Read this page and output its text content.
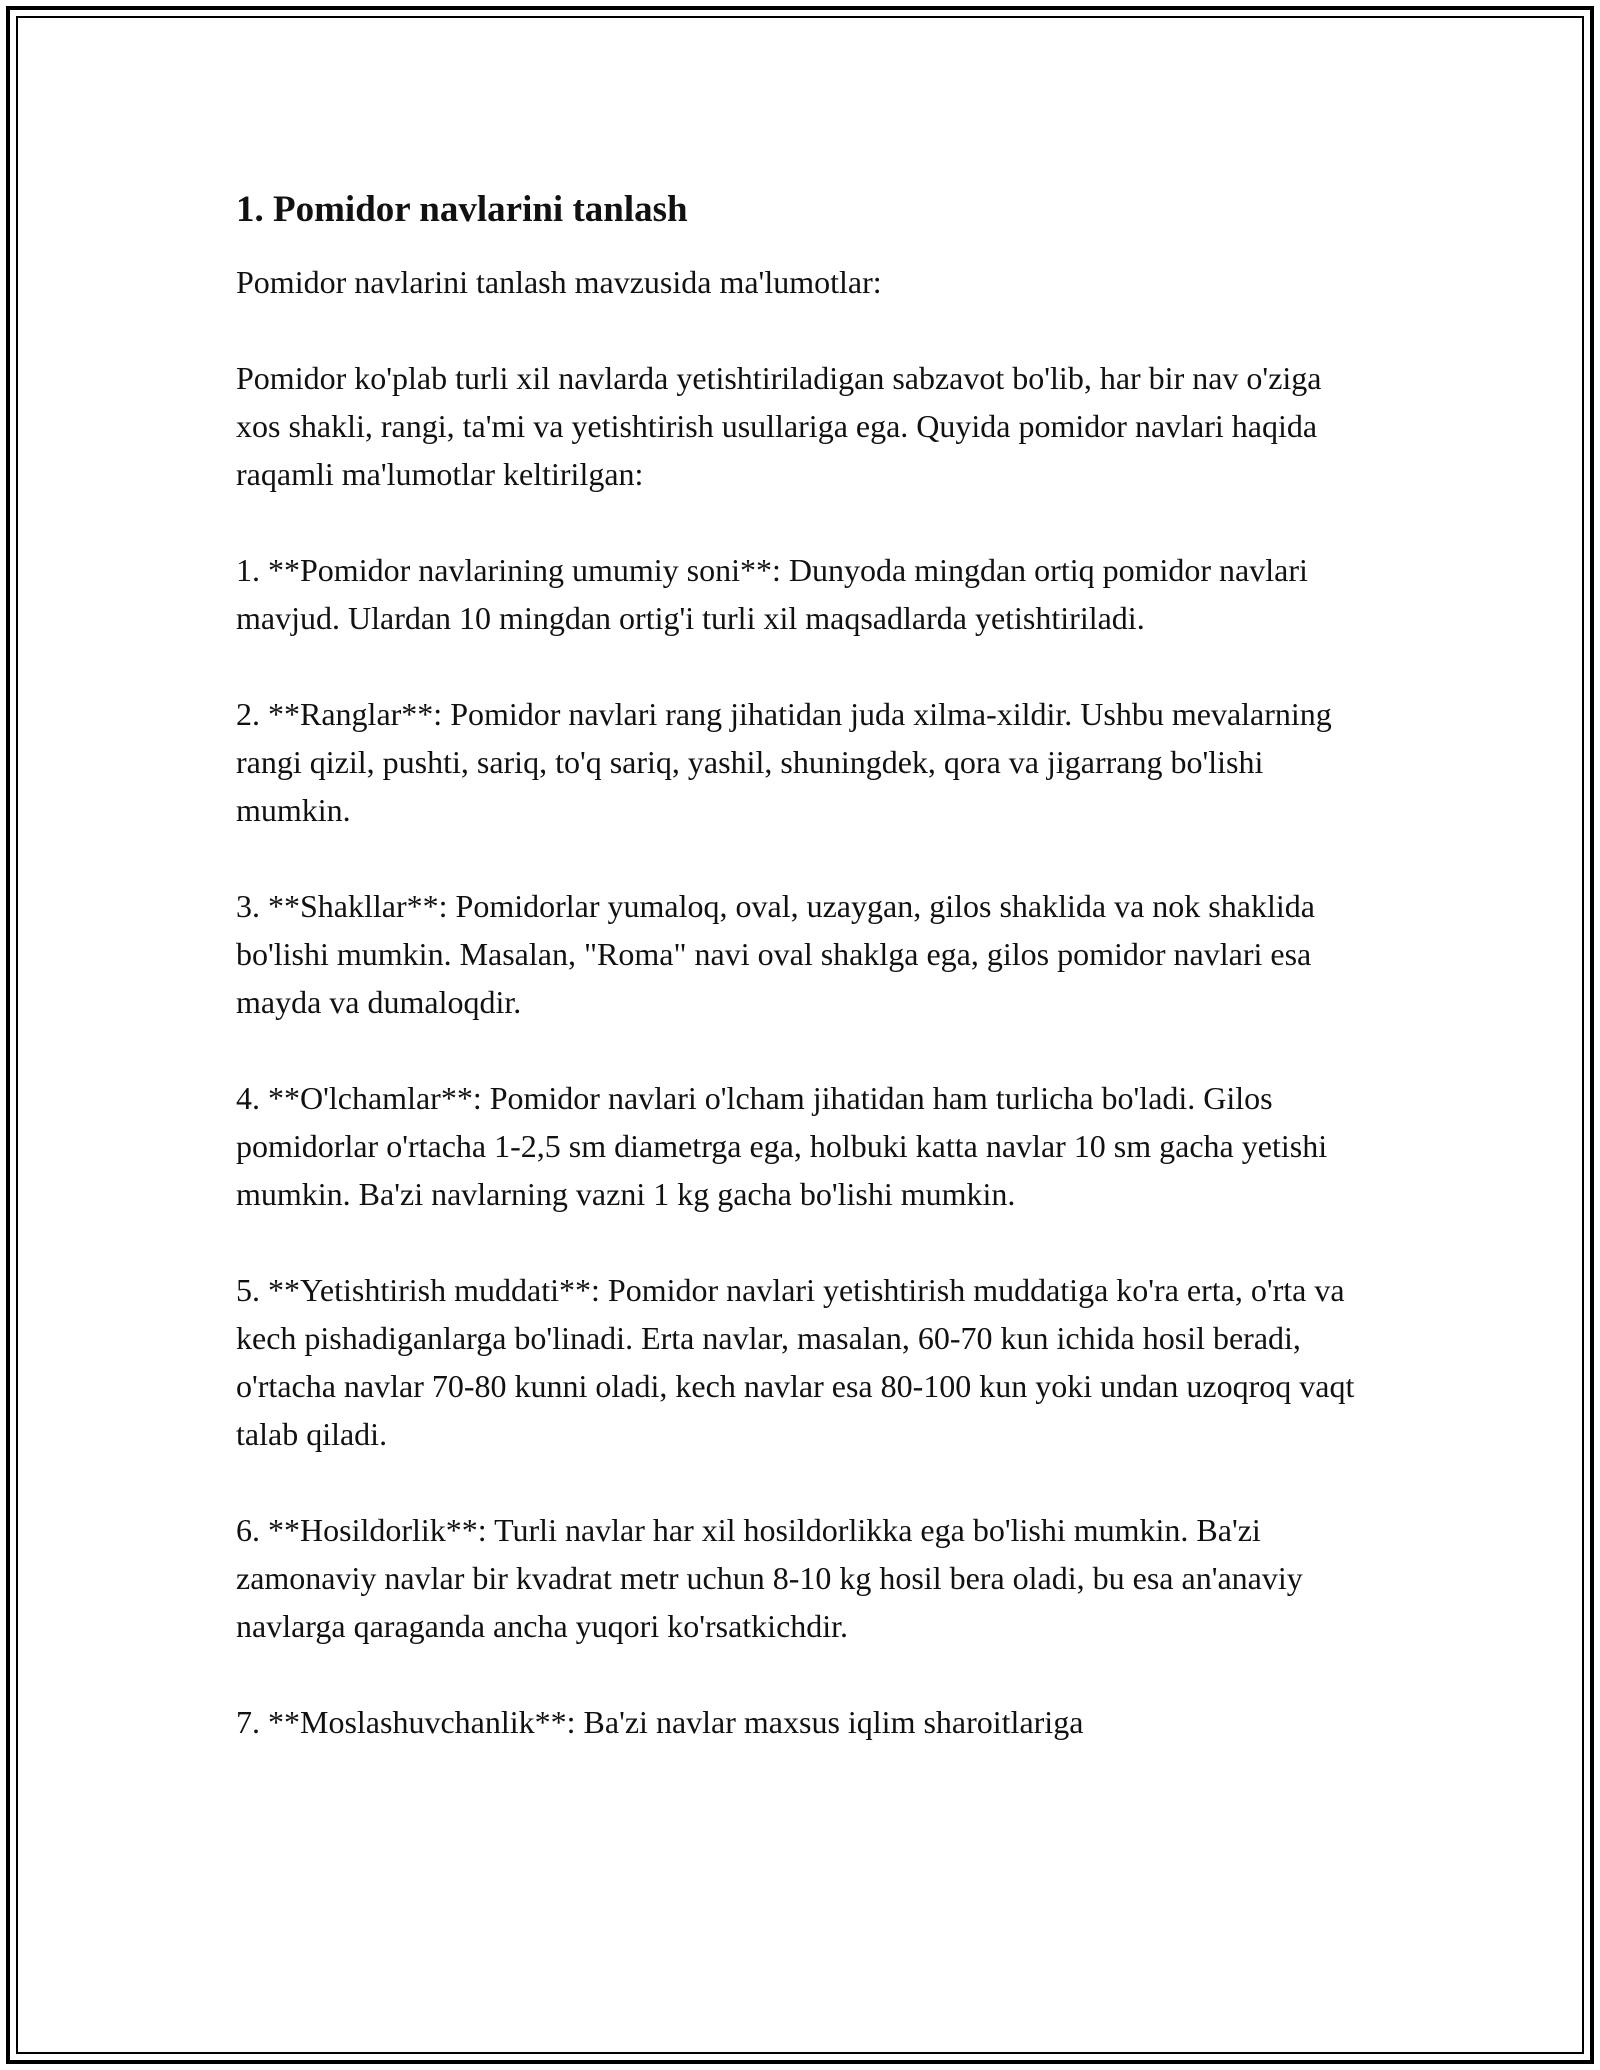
1. Pomidor navlarini tanlash

Pomidor navlarini tanlash mavzusida ma'lumotlar:

Pomidor ko'plab turli xil navlarda yetishtiriladigan sabzavot bo'lib, har bir nav o'ziga xos shakli, rangi, ta'mi va yetishtirish usullariga ega. Quyida pomidor navlari haqida raqamli ma'lumotlar keltirilgan:

1. **Pomidor navlarining umumiy soni**: Dunyoda mingdan ortiq pomidor navlari mavjud. Ulardan 10 mingdan ortig'i turli xil maqsadlarda yetishtiriladi.

2. **Ranglar**: Pomidor navlari rang jihatidan juda xilma-xildir. Ushbu mevalarning rangi qizil, pushti, sariq, to'q sariq, yashil, shuningdek, qora va jigarrang bo'lishi mumkin.

3. **Shakllar**: Pomidorlar yumaloq, oval, uzaygan, gilos shaklida va nok shaklida bo'lishi mumkin. Masalan, "Roma" navi oval shaklga ega, gilos pomidor navlari esa mayda va dumaloqdir.

4. **O'lchamlar**: Pomidor navlari o'lcham jihatidan ham turlicha bo'ladi. Gilos pomidorlar o'rtacha 1-2,5 sm diametrga ega, holbuki katta navlar 10 sm gacha yetishi mumkin. Ba'zi navlarning vazni 1 kg gacha bo'lishi mumkin.

5. **Yetishtirish muddati**: Pomidor navlari yetishtirish muddatiga ko'ra erta, o'rta va kech pishadiganlarga bo'linadi. Erta navlar, masalan, 60-70 kun ichida hosil beradi, o'rtacha navlar 70-80 kunni oladi, kech navlar esa 80-100 kun yoki undan uzoqroq vaqt talab qiladi.

6. **Hosildorlik**: Turli navlar har xil hosildorlikka ega bo'lishi mumkin. Ba'zi zamonaviy navlar bir kvadrat metr uchun 8-10 kg hosil bera oladi, bu esa an'anaviy navlarga qaraganda ancha yuqori ko'rsatkichdir.

7. **Moslashuvchanlik**: Ba'zi navlar maxsus iqlim sharoitlariga
